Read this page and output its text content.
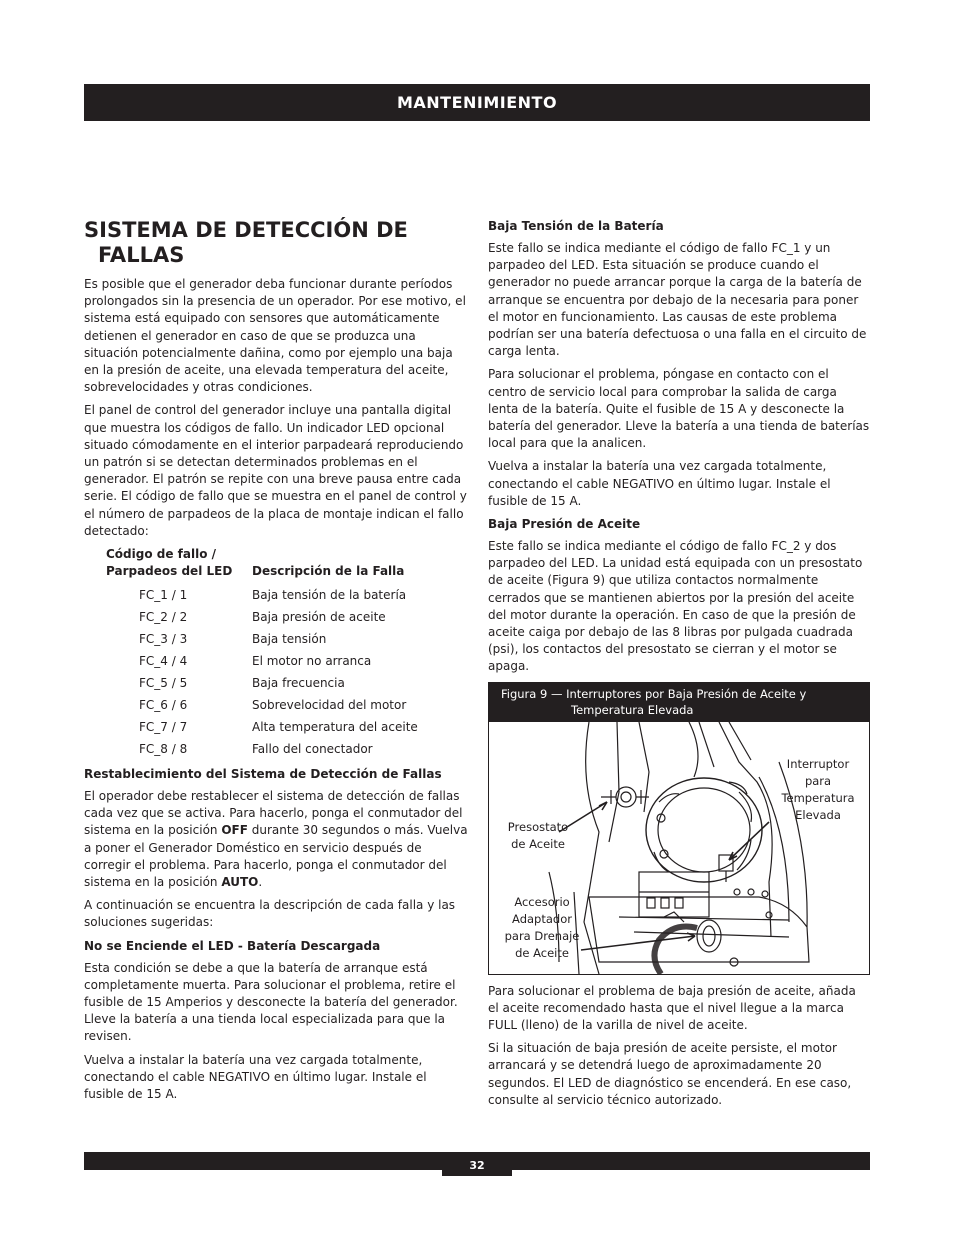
MANTENIMIENTO
SISTEMA DE DETECCIÓN DE
FALLAS

Es posible que el generador deba funcionar durante períodos prolongados sin la presencia de un operador. Por ese motivo, el sistema está equipado con sensores que automáticamente detienen el generador en caso de que se produzca una situación potencialmente dañina, como por ejemplo una baja en la presión de aceite, una elevada temperatura del aceite, sobrevelocidades y otras condiciones.

El panel de control del generador incluye una pantalla digital que muestra los códigos de fallo. Un indicador LED opcional situado cómodamente en el interior parpadeará reproduciendo un patrón si se detectan determinados problemas en el generador. El patrón se repite con una breve pausa entre cada serie. El código de fallo que se muestra en el panel de control y el número de parpadeos de la placa de montaje indican el fallo detectado:

Código de fallo /
Parpadeos del LED	Descripción de la Falla
FC_1 / 1	Baja tensión de la batería
FC_2 / 2	Baja presión de aceite
FC_3 / 3	Baja tensión
FC_4 / 4	El motor no arranca
FC_5 / 5	Baja frecuencia
FC_6 / 6	Sobrevelocidad del motor
FC_7 / 7	Alta temperatura del aceite
FC_8 / 8	Fallo del conectador
Restablecimiento del Sistema de Detección de Fallas

El operador debe restablecer el sistema de detección de fallas cada vez que se activa. Para hacerlo, ponga el conmutador del sistema en la posición OFF durante 30 segundos o más. Vuelva a poner el Generador Doméstico en servicio después de corregir el problema. Para hacerlo, ponga el conmutador del sistema en la posición AUTO.

A continuación se encuentra la descripción de cada falla y las soluciones sugeridas:

No se Enciende el LED - Batería Descargada

Esta condición se debe a que la batería de arranque está completamente muerta. Para solucionar el problema, retire el fusible de 15 Amperios y desconecte la batería del generador. Lleve la batería a una tienda local especializada para que la revisen.

Vuelva a instalar la batería una vez cargada totalmente, conectando el cable NEGATIVO en último lugar. Instale el fusible de 15 A.

Baja Tensión de la Batería

Este fallo se indica mediante el código de fallo FC_1 y un parpadeo del LED. Esta situación se produce cuando el generador no puede arrancar porque la carga de la batería de arranque se encuentra por debajo de la necesaria para poner el motor en funcionamiento. Las causas de este problema podrían ser una batería defectuosa o una falla en el circuito de carga lenta.

Para solucionar el problema, póngase en contacto con el centro de servicio local para comprobar la salida de carga lenta de la batería. Quite el fusible de 15 A y desconecte la batería del generador. Lleve la batería a una tienda de baterías local para que la analicen.

Vuelva a instalar la batería una vez cargada totalmente, conectando el cable NEGATIVO en último lugar. Instale el fusible de 15 A.

Baja Presión de Aceite

Este fallo se indica mediante el código de fallo FC_2 y dos parpadeo del LED. La unidad está equipada con un presostato de aceite (Figura 9) que utiliza contactos normalmente cerrados que se mantienen abiertos por la presión del aceite del motor durante la operación. En caso de que la presión de aceite caiga por debajo de las 8 libras por pulgada cuadrada (psi), los contactos del presostato se cierran y el motor se apaga.

Figura 9 — Interruptores por Baja Presión de Aceite y
Temperatura Elevada
Interruptor
para
Temperatura
Elevada
Presostato
de Aceite
Accesorio
Adaptador
para Drenaje
de Aceite

Para solucionar el problema de baja presión de aceite, añada el aceite recomendado hasta que el nivel llegue a la marca FULL (lleno) de la varilla de nivel de aceite.

Si la situación de baja presión de aceite persiste, el motor arrancará y se detendrá luego de aproximadamente 20 segundos. El LED de diagnóstico se encenderá. En ese caso, consulte al servicio técnico autorizado.

32
